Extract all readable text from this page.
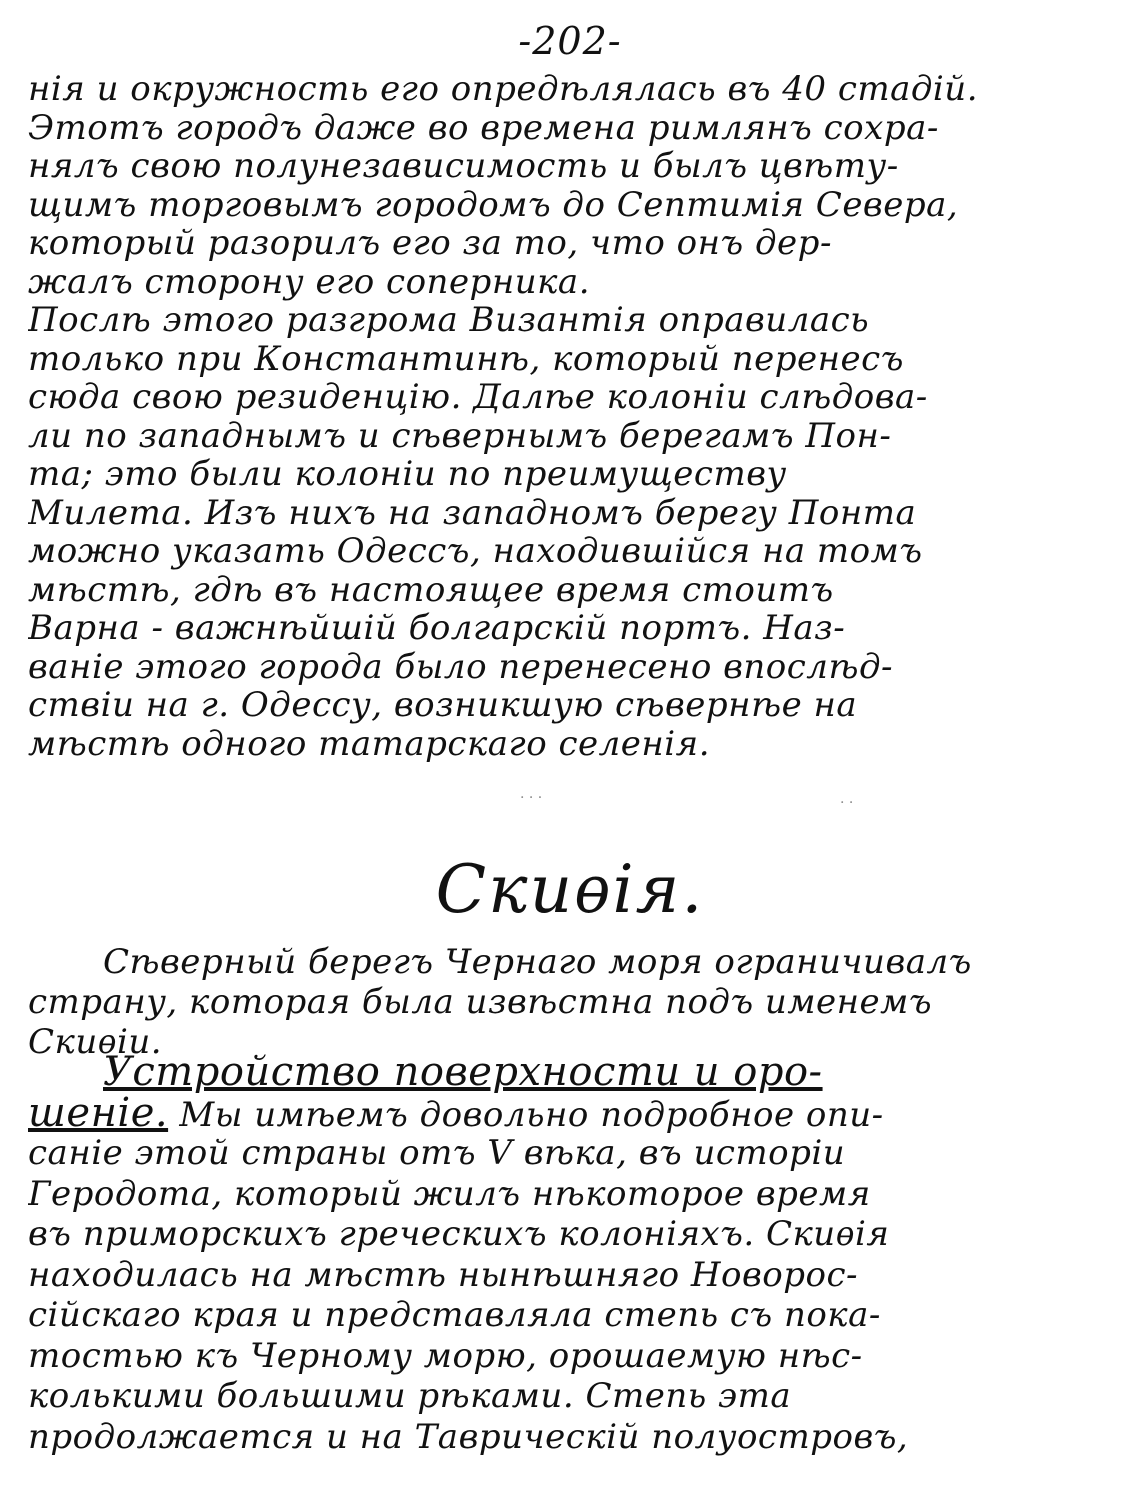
-202-
нія и окружность его опредѣлялась въ 40 стадій.
Этотъ городъ даже во времена римлянъ сохра-
нялъ свою полунезависимость и былъ цвѣту-
щимъ торговымъ городомъ до Септимія Севера,
который разорилъ его за то, что онъ дер-
жалъ сторону его соперника.
Послѣ этого разгрома Византія оправилась
только при Константинѣ, который перенесъ
сюда свою резиденцію. Далѣе колоніи слѣдова-
ли по западнымъ и сѣвернымъ берегамъ Пон-
та; это были колоніи по преимуществу
Милета. Изъ нихъ на западномъ берегу Понта
можно указать Одессъ, находившійся на томъ
мѣстѣ, гдѣ въ настоящее время стоитъ
Варна - важнѣйшій болгарскій портъ. Наз-
ваніе этого города было перенесено впослѣд-
ствіи на г. Одессу, возникшую сѣвернѣе на
мѣстѣ одного татарскаго селенія.
· · ·	· ·
Скиѳія.
Сѣверный берегъ Чернаго моря ограничивалъ
страну, которая была извѣстна подъ именемъ
Скиѳіи.
Устройство поверхности и оро-
шеніе. Мы имѣемъ довольно подробное опи-
саніе этой страны отъ V вѣка, въ исторіи
Геродота, который жилъ нѣкоторое время
въ приморскихъ греческихъ колоніяхъ. Скиѳія
находилась на мѣстѣ нынѣшняго Новорос-
сійскаго края и представляла степь съ пока-
тостью къ Черному морю, орошаемую нѣс-
колькими большими рѣками. Степь эта
продолжается и на Таврическій полуостровъ,
